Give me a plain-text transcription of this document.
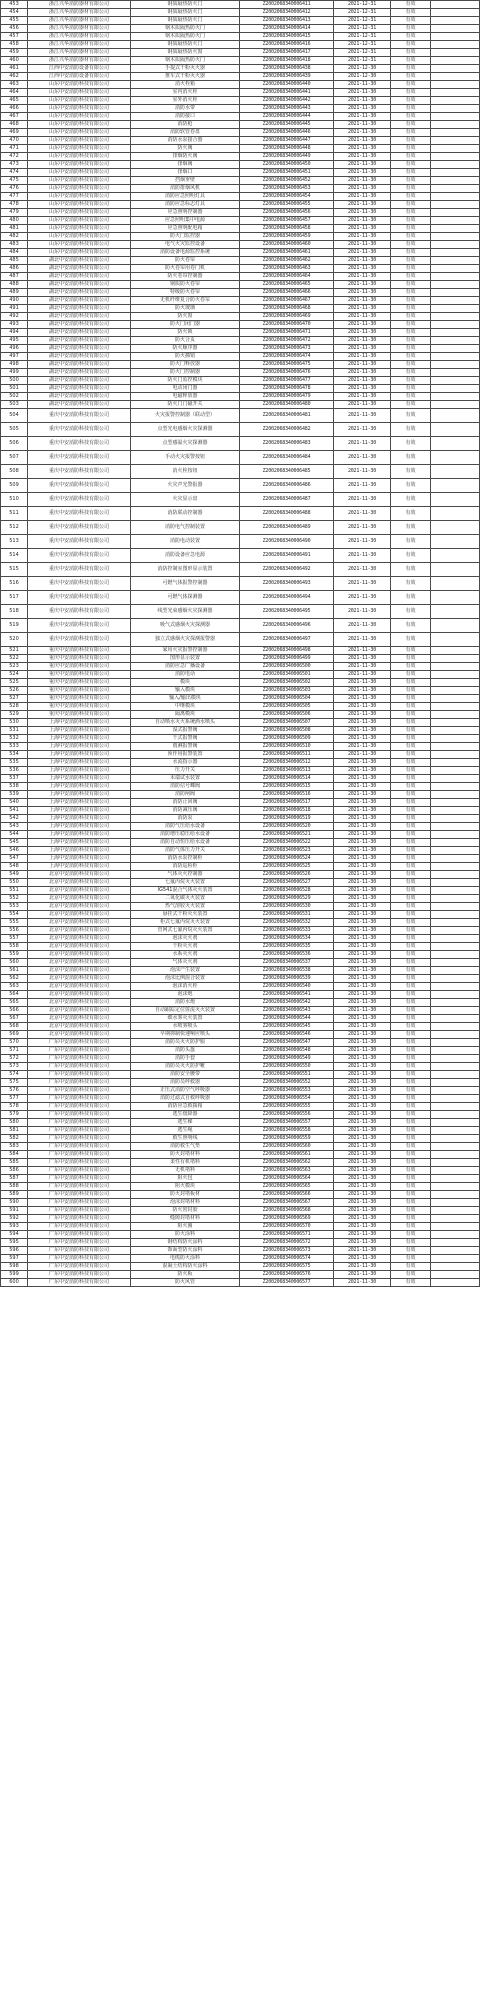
453	浙江兴华消防器材有限公司	钢质隔热防火门	Z2002068340006411	2021-12-31	有效	
454	浙江兴华消防器材有限公司	钢质隔热防火门	Z2002068340006412	2021-12-31	有效	
455	浙江兴华消防器材有限公司	钢质隔热防火门	Z2002068340006413	2021-12-31	有效	
456	浙江兴华消防器材有限公司	钢木质隔热防火门	Z2002068340006414	2021-12-31	有效	
457	浙江兴华消防器材有限公司	钢木质隔热防火门	Z2002068340006415	2021-12-31	有效	
458	浙江兴华消防器材有限公司	钢质隔热防火门	Z2002068340006416	2021-12-31	有效	
459	浙江兴华消防器材有限公司	钢质隔热防火窗	Z2002068340006417	2021-12-31	有效	
460	浙江兴华消防器材有限公司	钢木质隔热防火门	Z2002068340006418	2021-12-31	有效	
461	江西中安消防设备有限公司	手提式干粉灭火器	Z2002068340006438	2021-12-30	有效	
462	江西中安消防设备有限公司	推车式干粉灭火器	Z2002068340006439	2021-12-30	有效	
463	山东中安消防科技有限公司	消火栓箱	Z2002068340006440	2021-11-30	有效	
464	山东中安消防科技有限公司	室内消火栓	Z2002068340006441	2021-11-30	有效	
465	山东中安消防科技有限公司	室外消火栓	Z2002068340006442	2021-11-30	有效	
466	山东中安消防科技有限公司	消防水带	Z2002068340006443	2021-11-30	有效	
467	山东中安消防科技有限公司	消防接口	Z2002068340006444	2021-11-30	有效	
468	山东中安消防科技有限公司	消防枪	Z2002068340006445	2021-11-30	有效	
469	山东中安消防科技有限公司	消防软管卷盘	Z2002068340006446	2021-11-30	有效	
470	山东中安消防科技有限公司	消防水泵接合器	Z2002068340006447	2021-11-30	有效	
471	山东中安消防科技有限公司	防火阀	Z2002068340006448	2021-11-30	有效	
472	山东中安消防科技有限公司	排烟防火阀	Z2002068340006449	2021-11-30	有效	
473	山东中安消防科技有限公司	排烟阀	Z2002068340006450	2021-11-30	有效	
474	山东中安消防科技有限公司	排烟口	Z2002068340006451	2021-11-30	有效	
475	山东中安消防科技有限公司	挡烟垂壁	Z2002068340006452	2021-11-30	有效	
476	山东中安消防科技有限公司	消防排烟风机	Z2002068340006453	2021-11-30	有效	
477	山东中安消防科技有限公司	消防应急照明灯具	Z2002068340006454	2021-11-30	有效	
478	山东中安消防科技有限公司	消防应急标志灯具	Z2002068340006455	2021-11-30	有效	
479	山东中安消防科技有限公司	应急照明控制器	Z2002068340006456	2021-11-30	有效	
480	山东中安消防科技有限公司	应急照明集中电源	Z2002068340006457	2021-11-30	有效	
481	山东中安消防科技有限公司	应急照明配电箱	Z2002068340006458	2021-11-30	有效	
482	山东中安消防科技有限公司	防火门监控器	Z2002068340006459	2021-11-30	有效	
483	山东中安消防科技有限公司	电气火灾监控设备	Z2002068340006460	2021-11-30	有效	
484	山东中安消防科技有限公司	消防设备电源监控系统	Z2002068340006461	2021-11-30	有效	
485	湖北中安消防科技有限公司	防火卷帘	Z2002068340006462	2021-11-30	有效	
486	湖北中安消防科技有限公司	防火卷帘用卷门机	Z2002068340006463	2021-11-30	有效	
487	湖北中安消防科技有限公司	防火卷帘控制器	Z2002068340006464	2021-11-30	有效	
488	湖北中安消防科技有限公司	钢质防火卷帘	Z2002068340006465	2021-11-30	有效	
489	湖北中安消防科技有限公司	特级防火卷帘	Z2002068340006466	2021-11-30	有效	
490	湖北中安消防科技有限公司	无机纤维复合防火卷帘	Z2002068340006467	2021-11-30	有效	
491	湖北中安消防科技有限公司	防火玻璃	Z2002068340006468	2021-11-30	有效	
492	湖北中安消防科技有限公司	防火窗	Z2002068340006469	2021-11-30	有效	
493	湖北中安消防科技有限公司	防火门闭门器	Z2002068340006470	2021-11-30	有效	
494	湖北中安消防科技有限公司	防火锁	Z2002068340006471	2021-11-30	有效	
495	湖北中安消防科技有限公司	防火合页	Z2002068340006472	2021-11-30	有效	
496	湖北中安消防科技有限公司	防火顺序器	Z2002068340006473	2021-11-30	有效	
497	湖北中安消防科技有限公司	防火插销	Z2002068340006474	2021-11-30	有效	
498	湖北中安消防科技有限公司	防火门释放器	Z2002068340006475	2021-11-30	有效	
499	湖北中安消防科技有限公司	防火门控制器	Z2002068340006476	2021-11-30	有效	
500	湖北中安消防科技有限公司	防火门监控模块	Z2002068340006477	2021-11-30	有效	
501	湖北中安消防科技有限公司	电动闭门器	Z2002068340006478	2021-11-30	有效	
502	湖北中安消防科技有限公司	电磁释放器	Z2002068340006479	2021-11-30	有效	
503	湖北中安消防科技有限公司	防火门门磁开关	Z2002068340006480	2021-11-30	有效	
504	重庆中安消防科技有限公司	火灾报警控制器（联动型）	Z2002068340006481	2021-11-30	有效	
505	重庆中安消防科技有限公司	点型光电感烟火灾探测器	Z2002068340006482	2021-11-30	有效	
506	重庆中安消防科技有限公司	点型感温火灾探测器	Z2002068340006483	2021-11-30	有效	
507	重庆中安消防科技有限公司	手动火灾报警按钮	Z2002068340006484	2021-11-30	有效	
508	重庆中安消防科技有限公司	消火栓按钮	Z2002068340006485	2021-11-30	有效	
509	重庆中安消防科技有限公司	火灾声光警报器	Z2002068340006486	2021-11-30	有效	
510	重庆中安消防科技有限公司	火灾显示盘	Z2002068340006487	2021-11-30	有效	
511	重庆中安消防科技有限公司	消防联动控制器	Z2002068340006488	2021-11-30	有效	
512	重庆中安消防科技有限公司	消防电气控制装置	Z2002068340006489	2021-11-30	有效	
513	重庆中安消防科技有限公司	消防电动装置	Z2002068340006490	2021-11-30	有效	
514	重庆中安消防科技有限公司	消防设备应急电源	Z2002068340006491	2021-11-30	有效	
515	重庆中安消防科技有限公司	消防控制室图形显示装置	Z2002068340006492	2021-11-30	有效	
516	重庆中安消防科技有限公司	可燃气体报警控制器	Z2002068340006493	2021-11-30	有效	
517	重庆中安消防科技有限公司	可燃气体探测器	Z2002068340006494	2021-11-30	有效	
518	重庆中安消防科技有限公司	线型光束感烟火灾探测器	Z2002068340006495	2021-11-30	有效	
519	重庆中安消防科技有限公司	吸气式感烟火灾探测器	Z2002068340006496	2021-11-30	有效	
520	重庆中安消防科技有限公司	独立式感烟火灾探测报警器	Z2002068340006497	2021-11-30	有效	
521	重庆中安消防科技有限公司	家用火灾报警控制器	Z2002068340006498	2021-11-30	有效	
522	重庆中安消防科技有限公司	图形显示装置	Z2002068340006499	2021-11-30	有效	
523	重庆中安消防科技有限公司	消防应急广播设备	Z2002068340006500	2021-11-30	有效	
524	重庆中安消防科技有限公司	消防电话	Z2002068340006501	2021-11-30	有效	
525	重庆中安消防科技有限公司	模块	Z2002068340006502	2021-11-30	有效	
526	重庆中安消防科技有限公司	输入模块	Z2002068340006503	2021-11-30	有效	
527	重庆中安消防科技有限公司	输入/输出模块	Z2002068340006504	2021-11-30	有效	
528	重庆中安消防科技有限公司	中继模块	Z2002068340006505	2021-11-30	有效	
529	重庆中安消防科技有限公司	隔离模块	Z2002068340006506	2021-11-30	有效	
530	上海中安消防科技有限公司	自动喷水灭火系统洒水喷头	Z2002068340006507	2021-11-30	有效	
531	上海中安消防科技有限公司	湿式报警阀	Z2002068340006508	2021-11-30	有效	
532	上海中安消防科技有限公司	干式报警阀	Z2002068340006509	2021-11-30	有效	
533	上海中安消防科技有限公司	雨淋报警阀	Z2002068340006510	2021-11-30	有效	
534	上海中安消防科技有限公司	预作用报警装置	Z2002068340006511	2021-11-30	有效	
535	上海中安消防科技有限公司	水流指示器	Z2002068340006512	2021-11-30	有效	
536	上海中安消防科技有限公司	压力开关	Z2002068340006513	2021-11-30	有效	
537	上海中安消防科技有限公司	末端试水装置	Z2002068340006514	2021-11-30	有效	
538	上海中安消防科技有限公司	消防信号蝶阀	Z2002068340006515	2021-11-30	有效	
539	上海中安消防科技有限公司	消防闸阀	Z2002068340006516	2021-11-30	有效	
540	上海中安消防科技有限公司	消防止回阀	Z2002068340006517	2021-11-30	有效	
541	上海中安消防科技有限公司	消防减压阀	Z2002068340006518	2021-11-30	有效	
542	上海中安消防科技有限公司	消防泵	Z2002068340006519	2021-11-30	有效	
543	上海中安消防科技有限公司	消防气压给水设备	Z2002068340006520	2021-11-30	有效	
544	上海中安消防科技有限公司	消防增压稳压给水设备	Z2002068340006521	2021-11-30	有效	
545	上海中安消防科技有限公司	消防自动恒压给水设备	Z2002068340006522	2021-11-30	有效	
546	上海中安消防科技有限公司	消防气体压力开关	Z2002068340006523	2021-11-30	有效	
547	上海中安消防科技有限公司	消防水泵控制柜	Z2002068340006524	2021-11-30	有效	
548	上海中安消防科技有限公司	消防巡检柜	Z2002068340006525	2021-11-30	有效	
549	北京中安消防科技有限公司	气体灭火控制器	Z2002068340006526	2021-11-30	有效	
550	北京中安消防科技有限公司	七氟丙烷灭火装置	Z2002068340006527	2021-11-30	有效	
551	北京中安消防科技有限公司	IG541混合气体灭火装置	Z2002068340006528	2021-11-30	有效	
552	北京中安消防科技有限公司	二氧化碳灭火装置	Z2002068340006529	2021-11-30	有效	
553	北京中安消防科技有限公司	热气溶胶灭火装置	Z2002068340006530	2021-11-30	有效	
554	北京中安消防科技有限公司	悬挂式干粉灭火装置	Z2002068340006531	2021-11-30	有效	
555	北京中安消防科技有限公司	柜式七氟丙烷灭火装置	Z2002068340006532	2021-11-30	有效	
556	北京中安消防科技有限公司	管网式七氟丙烷灭火装置	Z2002068340006533	2021-11-30	有效	
557	北京中安消防科技有限公司	泡沫灭火剂	Z2002068340006534	2021-11-30	有效	
558	北京中安消防科技有限公司	干粉灭火剂	Z2002068340006535	2021-11-30	有效	
559	北京中安消防科技有限公司	水系灭火剂	Z2002068340006536	2021-11-30	有效	
560	北京中安消防科技有限公司	气体灭火剂	Z2002068340006537	2021-11-30	有效	
561	北京中安消防科技有限公司	泡沫产生装置	Z2002068340006538	2021-11-30	有效	
562	北京中安消防科技有限公司	泡沫比例混合装置	Z2002068340006539	2021-11-30	有效	
563	北京中安消防科技有限公司	泡沫消火栓	Z2002068340006540	2021-11-30	有效	
564	北京中安消防科技有限公司	泡沫炮	Z2002068340006541	2021-11-30	有效	
565	北京中安消防科技有限公司	消防水炮	Z2002068340006542	2021-11-30	有效	
566	北京中安消防科技有限公司	自动跟踪定位射流灭火装置	Z2002068340006543	2021-11-30	有效	
567	北京中安消防科技有限公司	细水雾灭火装置	Z2002068340006544	2021-11-30	有效	
568	北京中安消防科技有限公司	水喷雾喷头	Z2002068340006545	2021-11-30	有效	
569	北京中安消防科技有限公司	早期抑制快速响应喷头	Z2002068340006546	2021-11-30	有效	
570	广东中安消防科技有限公司	消防员灭火防护服	Z2002068340006547	2021-11-30	有效	
571	广东中安消防科技有限公司	消防头盔	Z2002068340006548	2021-11-30	有效	
572	广东中安消防科技有限公司	消防手套	Z2002068340006549	2021-11-30	有效	
573	广东中安消防科技有限公司	消防员灭火防护靴	Z2002068340006550	2021-11-30	有效	
574	广东中安消防科技有限公司	消防安全腰带	Z2002068340006551	2021-11-30	有效	
575	广东中安消防科技有限公司	消防员呼救器	Z2002068340006552	2021-11-30	有效	
576	广东中安消防科技有限公司	正压式消防空气呼吸器	Z2002068340006553	2021-11-30	有效	
577	广东中安消防科技有限公司	消防过滤式自救呼吸器	Z2002068340006554	2021-11-30	有效	
578	广东中安消防科技有限公司	消防应急救援箱	Z2002068340006555	2021-11-30	有效	
579	广东中安消防科技有限公司	逃生缓降器	Z2002068340006556	2021-11-30	有效	
580	广东中安消防科技有限公司	逃生梯	Z2002068340006557	2021-11-30	有效	
581	广东中安消防科技有限公司	逃生绳	Z2002068340006558	2021-11-30	有效	
582	广东中安消防科技有限公司	救生照明线	Z2002068340006559	2021-11-30	有效	
583	广东中安消防科技有限公司	消防救生气垫	Z2002068340006560	2021-11-30	有效	
584	广东中安消防科技有限公司	防火封堵材料	Z2002068340006561	2021-11-30	有效	
585	广东中安消防科技有限公司	柔性有机堵料	Z2002068340006562	2021-11-30	有效	
586	广东中安消防科技有限公司	无机堵料	Z2002068340006563	2021-11-30	有效	
587	广东中安消防科技有限公司	阻火包	Z2002068340006564	2021-11-30	有效	
588	广东中安消防科技有限公司	阻火模块	Z2002068340006565	2021-11-30	有效	
589	广东中安消防科技有限公司	防火封堵板材	Z2002068340006566	2021-11-30	有效	
590	广东中安消防科技有限公司	泡沫封堵材料	Z2002068340006567	2021-11-30	有效	
591	广东中安消防科技有限公司	防火密封胶	Z2002068340006568	2021-11-30	有效	
592	广东中安消防科技有限公司	缝隙封堵材料	Z2002068340006569	2021-11-30	有效	
593	广东中安消防科技有限公司	阻火圈	Z2002068340006570	2021-11-30	有效	
594	广东中安消防科技有限公司	防火涂料	Z2002068340006571	2021-11-30	有效	
595	广东中安消防科技有限公司	钢结构防火涂料	Z2002068340006572	2021-11-30	有效	
596	广东中安消防科技有限公司	饰面型防火涂料	Z2002068340006573	2021-11-30	有效	
597	广东中安消防科技有限公司	电缆防火涂料	Z2002068340006574	2021-11-30	有效	
598	广东中安消防科技有限公司	混凝土结构防火涂料	Z2002068340006575	2021-11-30	有效	
599	广东中安消防科技有限公司	防火板	Z2002068340006576	2021-11-30	有效	
600	广东中安消防科技有限公司	防火风管	Z2002068340006577	2021-11-30	有效	
